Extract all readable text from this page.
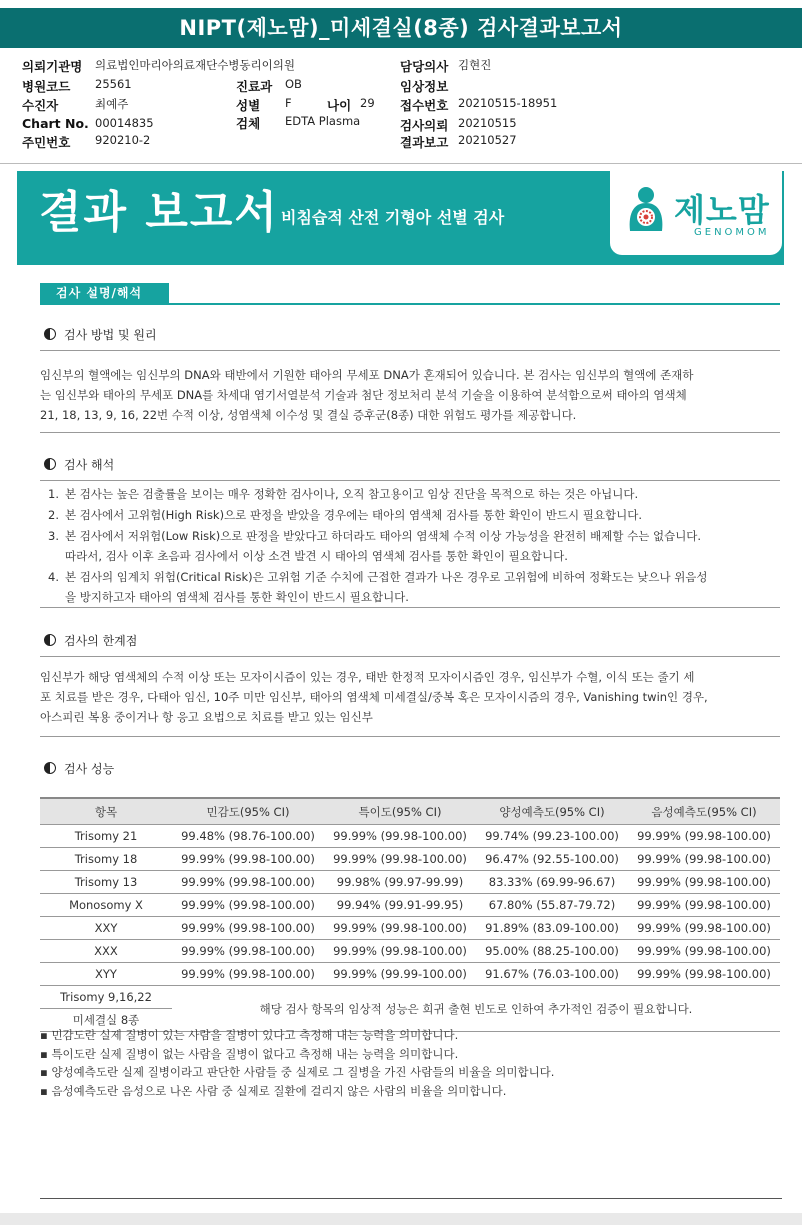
NIPT(제노맘)_미세결실(8종) 검사결과보고서
의뢰기관명 의료법인마리아의료재단수병동리이의원	담당의사 김현진
병원코드 25561	진료과 OB	임상정보
수진자	최예주	성별 F	나이 29 접수번호 20210515-18951
Chart No. 00014835	검체 EDTA Plasma	검사의뢰 20210515
주민번호 920210-2	결과보고 20210527
결과 보고서 비침습적 산전 기형아 선별 검사	제노맘
GENOMOM
검사 설명/해석
검사 방법 및 원리
임신부의 혈액에는 임신부의 DNA와 태반에서 기원한 태아의 무세포 DNA가 혼재되어 있습니다. 본 검사는 임신부의 혈액에 존재하
는 임신부와 태아의 무세포 DNA를 차세대 염기서열분석 기술과 첨단 정보처리 분석 기술을 이용하여 분석함으로써 태아의 염색체
21, 18, 13, 9, 16, 22번 수적 이상, 성염색체 이수성 및 결실 증후군(8종) 대한 위험도 평가를 제공합니다.
검사 해석
1. 본 검사는 높은 검출률을 보이는 매우 정확한 검사이나, 오직 참고용이고 임상 진단을 목적으로 하는 것은 아닙니다.
2. 본 검사에서 고위험(High Risk)으로 판정을 받았을 경우에는 태아의 염색체 검사를 통한 확인이 반드시 필요합니다.
3. 본 검사에서 저위험(Low Risk)으로 판정을 받았다고 하더라도 태아의 염색체 수적 이상 가능성을 완전히 배제할 수는 없습니다.
따라서, 검사 이후 초음파 검사에서 이상 소견 발견 시 태아의 염색체 검사를 통한 확인이 필요합니다.
4. 본 검사의 임계치 위험(Critical Risk)은 고위험 기준 수치에 근접한 결과가 나온 경우로 고위험에 비하여 정확도는 낮으나 위음성
을 방지하고자 태아의 염색체 검사를 통한 확인이 반드시 필요합니다.
검사의 한계점
임신부가 해당 염색체의 수적 이상 또는 모자이시즘이 있는 경우, 태반 한정적 모자이시즘인 경우, 임신부가 수혈, 이식 또는 줄기 세
포 치료를 받은 경우, 다태아 임신, 10주 미만 임신부, 태아의 염색체 미세결실/중복 혹은 모자이시즘의 경우, Vanishing twin인 경우,
아스피린 복용 중이거나 항 응고 요법으로 치료를 받고 있는 임신부
검사 성능
항목	민감도(95% CI)	특이도(95% CI)	양성예측도(95% CI)	음성예측도(95% CI)
Trisomy 21	99.48% (98.76-100.00)	99.99% (99.98-100.00)	99.74% (99.23-100.00)	99.99% (99.98-100.00)
Trisomy 18	99.99% (99.98-100.00)	99.99% (99.98-100.00)	96.47% (92.55-100.00)	99.99% (99.98-100.00)
Trisomy 13	99.99% (99.98-100.00)	99.98% (99.97-99.99)	83.33% (69.99-96.67)	99.99% (99.98-100.00)
Monosomy X	99.99% (99.98-100.00)	99.94% (99.91-99.95)	67.80% (55.87-79.72)	99.99% (99.98-100.00)
XXY	99.99% (99.98-100.00)	99.99% (99.98-100.00)	91.89% (83.09-100.00)	99.99% (99.98-100.00)
XXX	99.99% (99.98-100.00)	99.99% (99.98-100.00)	95.00% (88.25-100.00)	99.99% (99.98-100.00)
XYY	99.99% (99.98-100.00)	99.99% (99.99-100.00)	91.67% (76.03-100.00)	99.99% (99.98-100.00)
Trisomy 9,16,22	해당 검사 항목의 임상적 성능은 희귀 출현 빈도로 인하여 추가적인 검증이 필요합니다.			
미세결실 8종				
▪ 민감도란 실제 질병이 있는 사람을 질병이 있다고 측정해 내는 능력을 의미합니다.
▪ 특이도란 실제 질병이 없는 사람을 질병이 없다고 측정해 내는 능력을 의미합니다.
▪ 양성예측도란 실제 질병이라고 판단한 사람들 중 실제로 그 질병을 가진 사람들의 비율을 의미합니다.
▪ 음성예측도란 음성으로 나온 사람 중 실제로 질환에 걸리지 않은 사람의 비율을 의미합니다.
